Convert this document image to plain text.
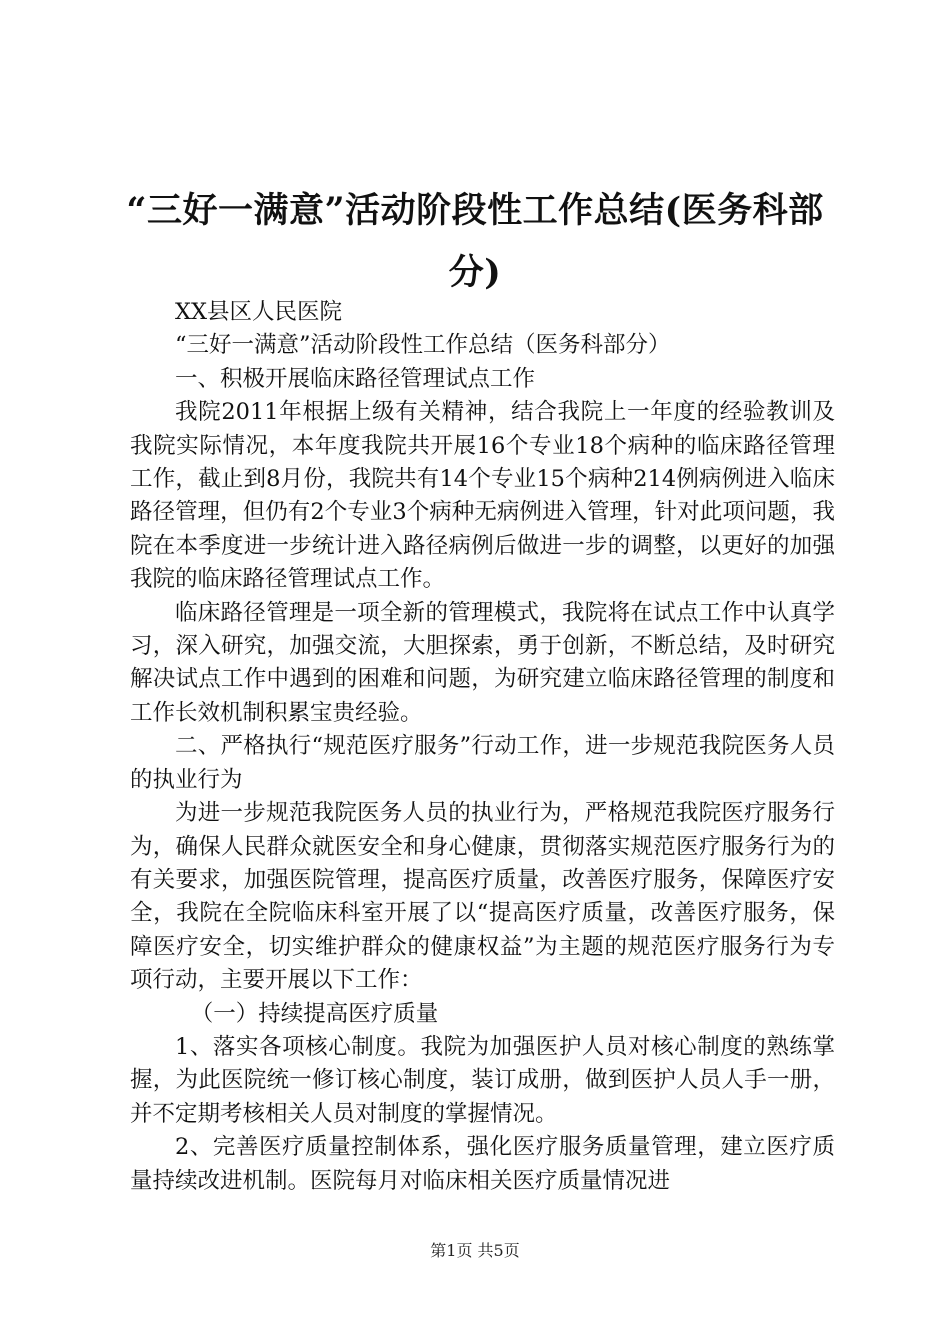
“三好一满意”活动阶段性工作总结(医务科部分)

XX县区人民医院

“三好一满意”活动阶段性工作总结（医务科部分）

一、积极开展临床路径管理试点工作

我院2011年根据上级有关精神，结合我院上一年度的经验教训及我院实际情况，本年度我院共开展16个专业18个病种的临床路径管理工作，截止到8月份，我院共有14个专业15个病种214例病例进入临床路径管理，但仍有2个专业3个病种无病例进入管理，针对此项问题，我院在本季度进一步统计进入路径病例后做进一步的调整，以更好的加强我院的临床路径管理试点工作。

临床路径管理是一项全新的管理模式，我院将在试点工作中认真学习，深入研究，加强交流，大胆探索，勇于创新，不断总结，及时研究解决试点工作中遇到的困难和问题，为研究建立临床路径管理的制度和工作长效机制积累宝贵经验。

二、严格执行“规范医疗服务”行动工作，进一步规范我院医务人员的执业行为

为进一步规范我院医务人员的执业行为，严格规范我院医疗服务行为，确保人民群众就医安全和身心健康，贯彻落实规范医疗服务行为的有关要求，加强医院管理，提高医疗质量，改善医疗服务，保障医疗安全，我院在全院临床科室开展了以“提高医疗质量，改善医疗服务，保障医疗安全，切实维护群众的健康权益”为主题的规范医疗服务行为专项行动，主要开展以下工作：

（一）持续提高医疗质量

1、落实各项核心制度。我院为加强医护人员对核心制度的熟练掌握，为此医院统一修订核心制度，装订成册，做到医护人员人手一册，并不定期考核相关人员对制度的掌握情况。

2、完善医疗质量控制体系，强化医疗服务质量管理，建立医疗质量持续改进机制。医院每月对临床相关医疗质量情况进

第1页 共5页
